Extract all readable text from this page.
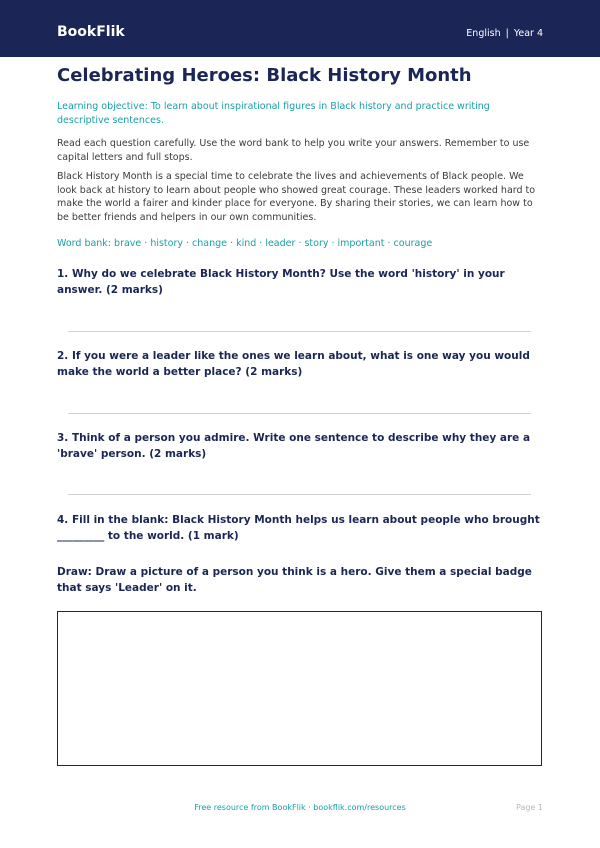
BookFlik	English | Year 4
Celebrating Heroes: Black History Month

Learning objective: To learn about inspirational figures in Black history and practice writing descriptive sentences.

Read each question carefully. Use the word bank to help you write your answers. Remember to use capital letters and full stops.

Black History Month is a special time to celebrate the lives and achievements of Black people. We look back at history to learn about people who showed great courage. These leaders worked hard to make the world a fairer and kinder place for everyone. By sharing their stories, we can learn how to be better friends and helpers in our own communities.

Word bank: brave · history · change · kind · leader · story · important · courage

1. Why do we celebrate Black History Month? Use the word 'history' in your answer. (2 marks)

2. If you were a leader like the ones we learn about, what is one way you would make the world a better place? (2 marks)

3. Think of a person you admire. Write one sentence to describe why they are a 'brave' person. (2 marks)

4. Fill in the blank: Black History Month helps us learn about people who brought _________ to the world. (1 mark)

Draw: Draw a picture of a person you think is a hero. Give them a special badge that says 'Leader' on it.

Free resource from BookFlik · bookflik.com/resources	Page 1
